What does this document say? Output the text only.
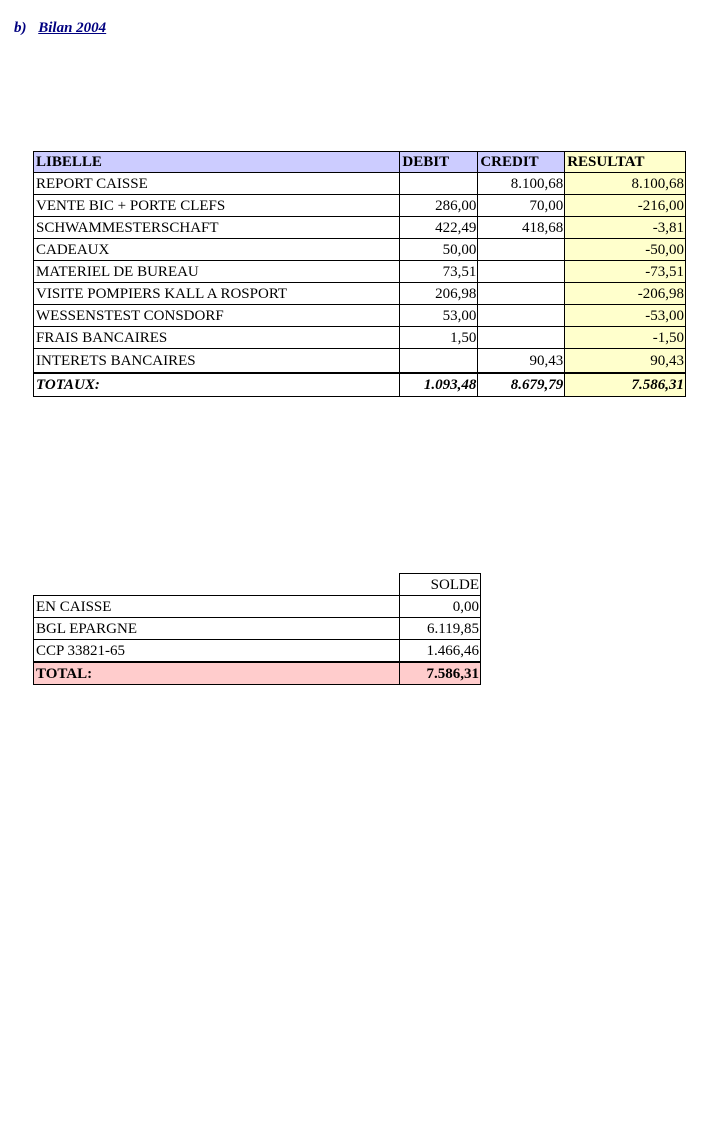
b) Bilan 2004
LIBELLE	DEBIT	CREDIT	RESULTAT
REPORT CAISSE		8.100,68	8.100,68
VENTE BIC + PORTE CLEFS	286,00	70,00	-216,00
SCHWAMMESTERSCHAFT	422,49	418,68	-3,81
CADEAUX	50,00		-50,00
MATERIEL DE BUREAU	73,51		-73,51
VISITE POMPIERS KALL A ROSPORT	206,98		-206,98
WESSENSTEST CONSDORF	53,00		-53,00
FRAIS BANCAIRES	1,50		-1,50
INTERETS BANCAIRES		90,43	90,43
TOTAUX:	1.093,48	8.679,79	7.586,31
	SOLDE
EN CAISSE	0,00
BGL EPARGNE	6.119,85
CCP 33821-65	1.466,46
TOTAL:	7.586,31
